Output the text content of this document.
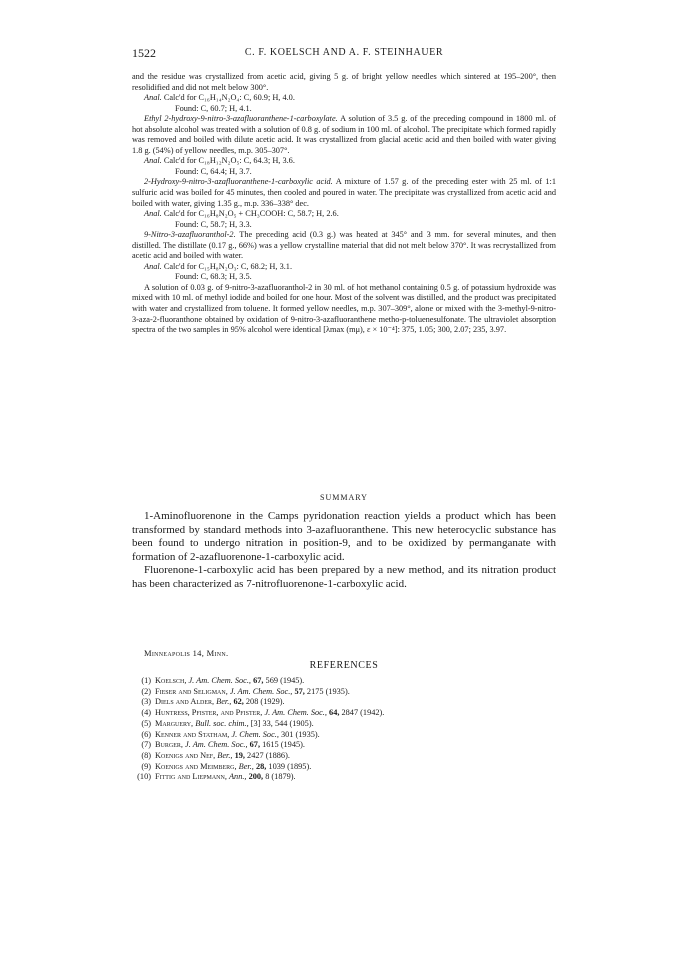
1522	C. F. KOELSCH AND A. F. STEINHAUER

and the residue was crystallized from acetic acid, giving 5 g. of bright yellow needles which sintered at 195–200°, then resolidified and did not melt below 300°.

Anal. Calc'd for C₁₆H₁₄N₂O₄: C, 60.9; H, 4.0.

Found: C, 60.7; H, 4.1.

Ethyl 2-hydroxy-9-nitro-3-azafluoranthene-1-carboxylate. A solution of 3.5 g. of the preceding compound in 1800 ml. of hot absolute alcohol was treated with a solution of 0.8 g. of sodium in 100 ml. of alcohol. The precipitate which formed rapidly was removed and boiled with dilute acetic acid. It was crystallized from glacial acetic acid and then boiled with water giving 1.8 g. (54%) of yellow needles, m.p. 305–307°.

Anal. Calc'd for C₁₈H₁₂N₂O₅: C, 64.3; H, 3.6.

Found: C, 64.4; H, 3.7.

2-Hydroxy-9-nitro-3-azafluoranthene-1-carboxylic acid. A mixture of 1.57 g. of the preceding ester with 25 ml. of 1:1 sulfuric acid was boiled for 45 minutes, then cooled and poured in water. The precipitate was crystallized from acetic acid and boiled with water, giving 1.35 g., m.p. 336–338° dec.

Anal. Calc'd for C₁₆H₈N₂O₅ + CH₃COOH: C, 58.7; H, 2.6.

Found: C, 58.7; H, 3.3.

9-Nitro-3-azafluoranthol-2. The preceding acid (0.3 g.) was heated at 345° and 3 mm. for several minutes, and then distilled. The distillate (0.17 g., 66%) was a yellow crystalline material that did not melt below 370°. It was recrystallized from acetic acid and boiled with water.

Anal. Calc'd for C₁₅H₈N₂O₃: C, 68.2; H, 3.1.

Found: C, 68.3; H, 3.5.

A solution of 0.03 g. of 9-nitro-3-azafluoranthol-2 in 30 ml. of hot methanol containing 0.5 g. of potassium hydroxide was mixed with 10 ml. of methyl iodide and boiled for one hour. Most of the solvent was distilled, and the product was precipitated with water and crystallized from toluene. It formed yellow needles, m.p. 307–309°, alone or mixed with the 3-methyl-9-nitro-3-aza-2-fluoranthone obtained by oxidation of 9-nitro-3-azafluoranthene metho-p-toluenesulfonate. The ultraviolet absorption spectra of the two samples in 95% alcohol were identical [λmax (mμ), ε × 10⁻⁴]: 375, 1.05; 300, 2.07; 235, 3.97.

SUMMARY

1-Aminofluorenone in the Camps pyridonation reaction yields a product which has been transformed by standard methods into 3-azafluoranthene. This new heterocyclic substance has been found to undergo nitration in position-9, and to be oxidized by permanganate with formation of 2-azafluorenone-1-carboxylic acid.

Fluorenone-1-carboxylic acid has been prepared by a new method, and its nitration product has been characterized as 7-nitrofluorenone-1-carboxylic acid.

Minneapolis 14, Minn.
REFERENCES
(1) Koelsch, J. Am. Chem. Soc., 67, 569 (1945).
(2) Fieser and Seligman, J. Am. Chem. Soc., 57, 2175 (1935).
(3) Diels and Alder, Ber., 62, 208 (1929).
(4) Huntress, Pfister, and Pfister, J. Am. Chem. Soc., 64, 2847 (1942).
(5) Marguery, Bull. soc. chim., [3] 33, 544 (1905).
(6) Kenner and Statham, J. Chem. Soc., 301 (1935).
(7) Burger, J. Am. Chem. Soc., 67, 1615 (1945).
(8) Koenigs and Nef, Ber., 19, 2427 (1886).
(9) Koenigs and Meimberg, Ber., 28, 1039 (1895).
(10) Fittig and Liepmann, Ann., 200, 8 (1879).
